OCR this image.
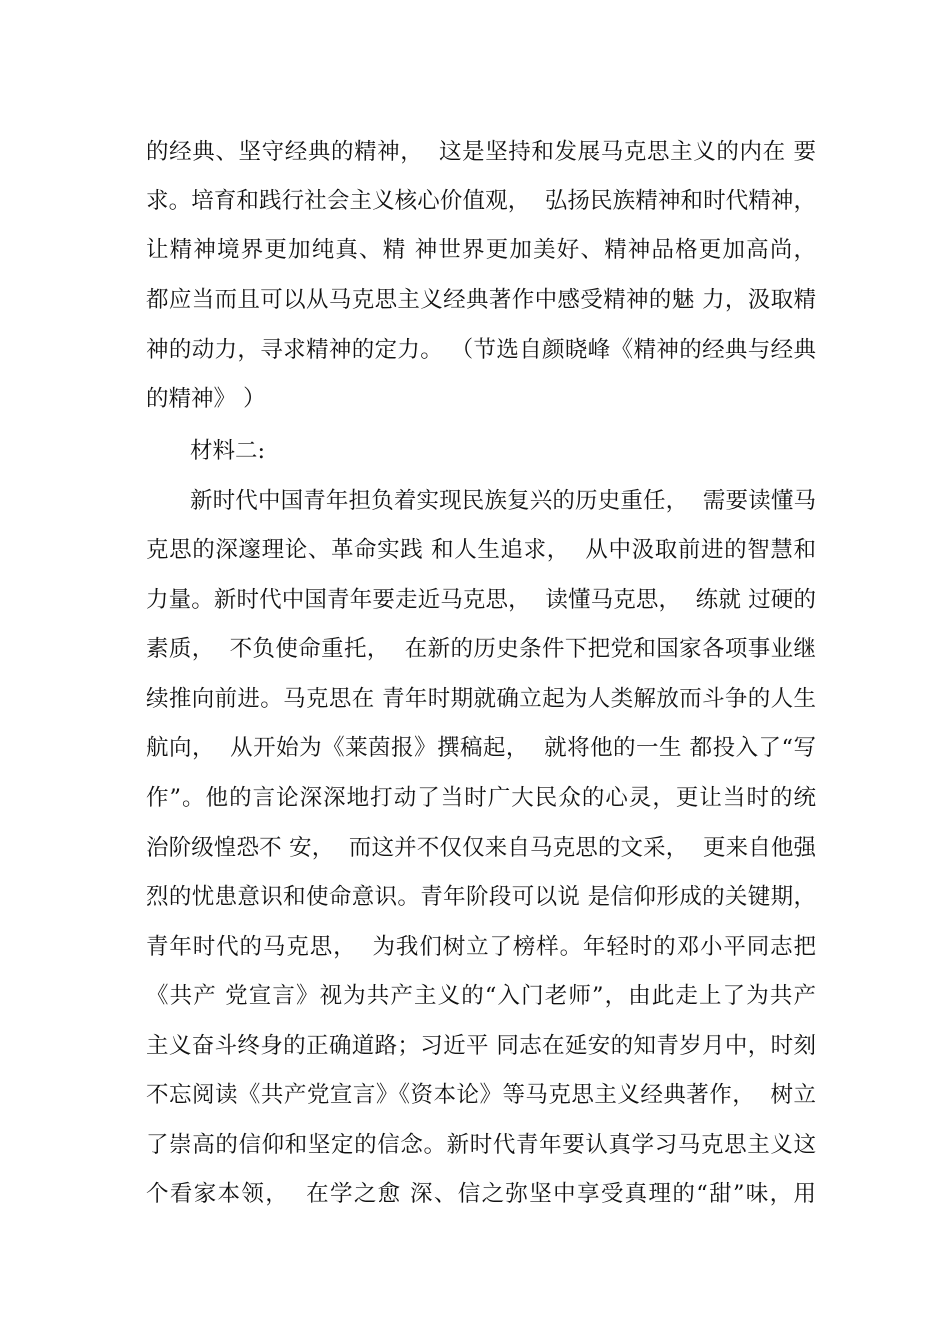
的经典、坚守经典的精神，  这是坚持和发展马克思主义的内在 要
求。培育和践行社会主义核心价值观，  弘扬民族精神和时代精神，
让精神境界更加纯真、精 神世界更加美好、精神品格更加高尚，
都应当而且可以从马克思主义经典著作中感受精神的魅 力，汲取精
神的动力，寻求精神的定力。 （节选自颜晓峰《精神的经典与经典
的精神》 ）
材料二:
新时代中国青年担负着实现民族复兴的历史重任，  需要读懂马
克思的深邃理论、革命实践 和人生追求，  从中汲取前进的智慧和
力量。新时代中国青年要走近马克思，  读懂马克思，  练就 过硬的
素质，  不负使命重托，  在新的历史条件下把党和国家各项事业继
续推向前进。马克思在 青年时期就确立起为人类解放而斗争的人生
航向，  从开始为《莱茵报》撰稿起，  就将他的一生 都投入了“写
作”。他的言论深深地打动了当时广大民众的心灵，更让当时的统
治阶级惶恐不 安，  而这并不仅仅来自马克思的文采，  更来自他强
烈的忧患意识和使命意识。青年阶段可以说 是信仰形成的关键期，
青年时代的马克思，  为我们树立了榜样。年轻时的邓小平同志把
《共产 党宣言》视为共产主义的“入门老师”，由此走上了为共产
主义奋斗终身的正确道路；习近平 同志在延安的知青岁月中，时刻
不忘阅读《共产党宣言》《资本论》等马克思主义经典著作，  树立
了崇高的信仰和坚定的信念。新时代青年要认真学习马克思主义这
个看家本领，  在学之愈 深、信之弥坚中享受真理的“甜”味，用
